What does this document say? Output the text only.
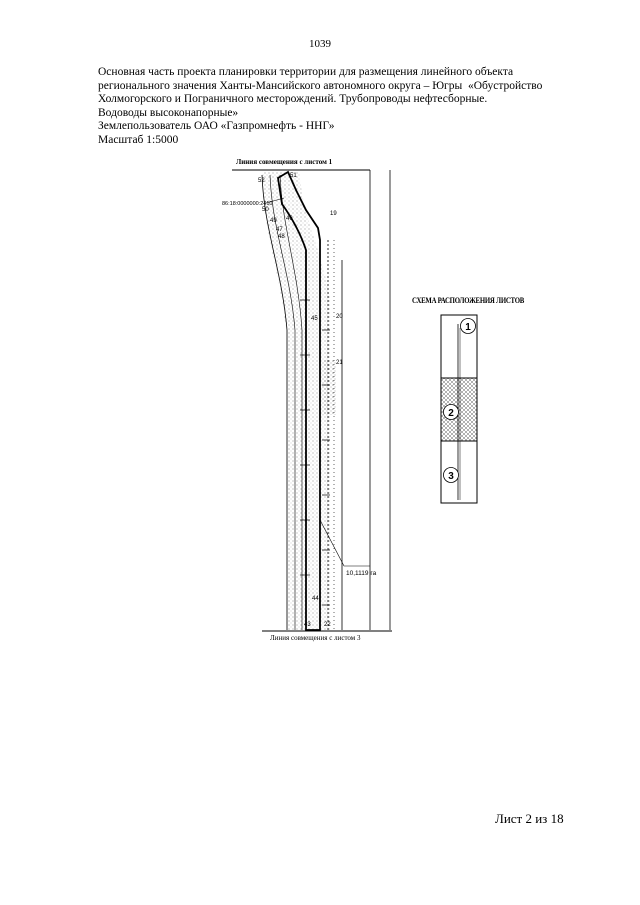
1039
Основная часть проекта планировки территории для размещения линейного объекта
регионального значения Ханты-Мансийского автономного округа – Югры  «Обустройство
Холмогорского и Пограничного месторождений. Трубопроводы нефтесборные.
Водоводы высоконапорные»
Землепользователь ОАО «Газпромнефть - ННГ»
Масштаб 1:5000
Линия совмещения с листом 1
Линия совмещения с листом 3
86:18:0000000:2410
10,1119 га
52
51
50
49
48
47
46
45
19
20
21
22
44
43
СХЕМА РАСПОЛОЖЕНИЯ ЛИСТОВ
1
2
3
Лист 2 из 18
